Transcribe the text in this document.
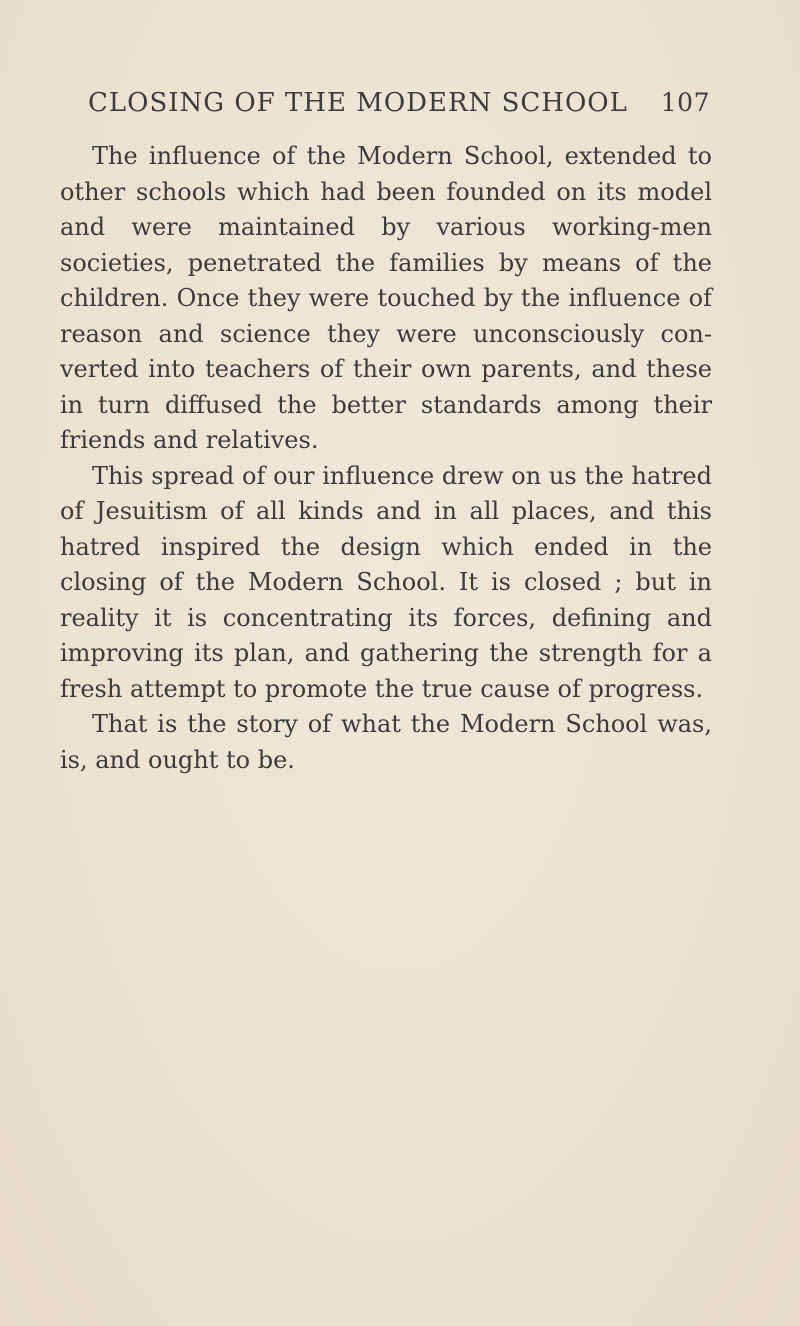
CLOSING OF THE MODERN SCHOOL 107

The influence of the Modern School, extended to other schools which had been founded on its model and were maintained by various working-men societies, penetrated the families by means of the children. Once they were touched by the influence of reason and science they were unconsciously converted into teachers of their own parents, and these in turn diffused the better standards among their friends and relatives.

This spread of our influence drew on us the hatred of Jesuitism of all kinds and in all places, and this hatred inspired the design which ended in the closing of the Modern School. It is closed ; but in reality it is concentrating its forces, defining and improving its plan, and gathering the strength for a fresh attempt to promote the true cause of progress.

That is the story of what the Modern School was, is, and ought to be.
